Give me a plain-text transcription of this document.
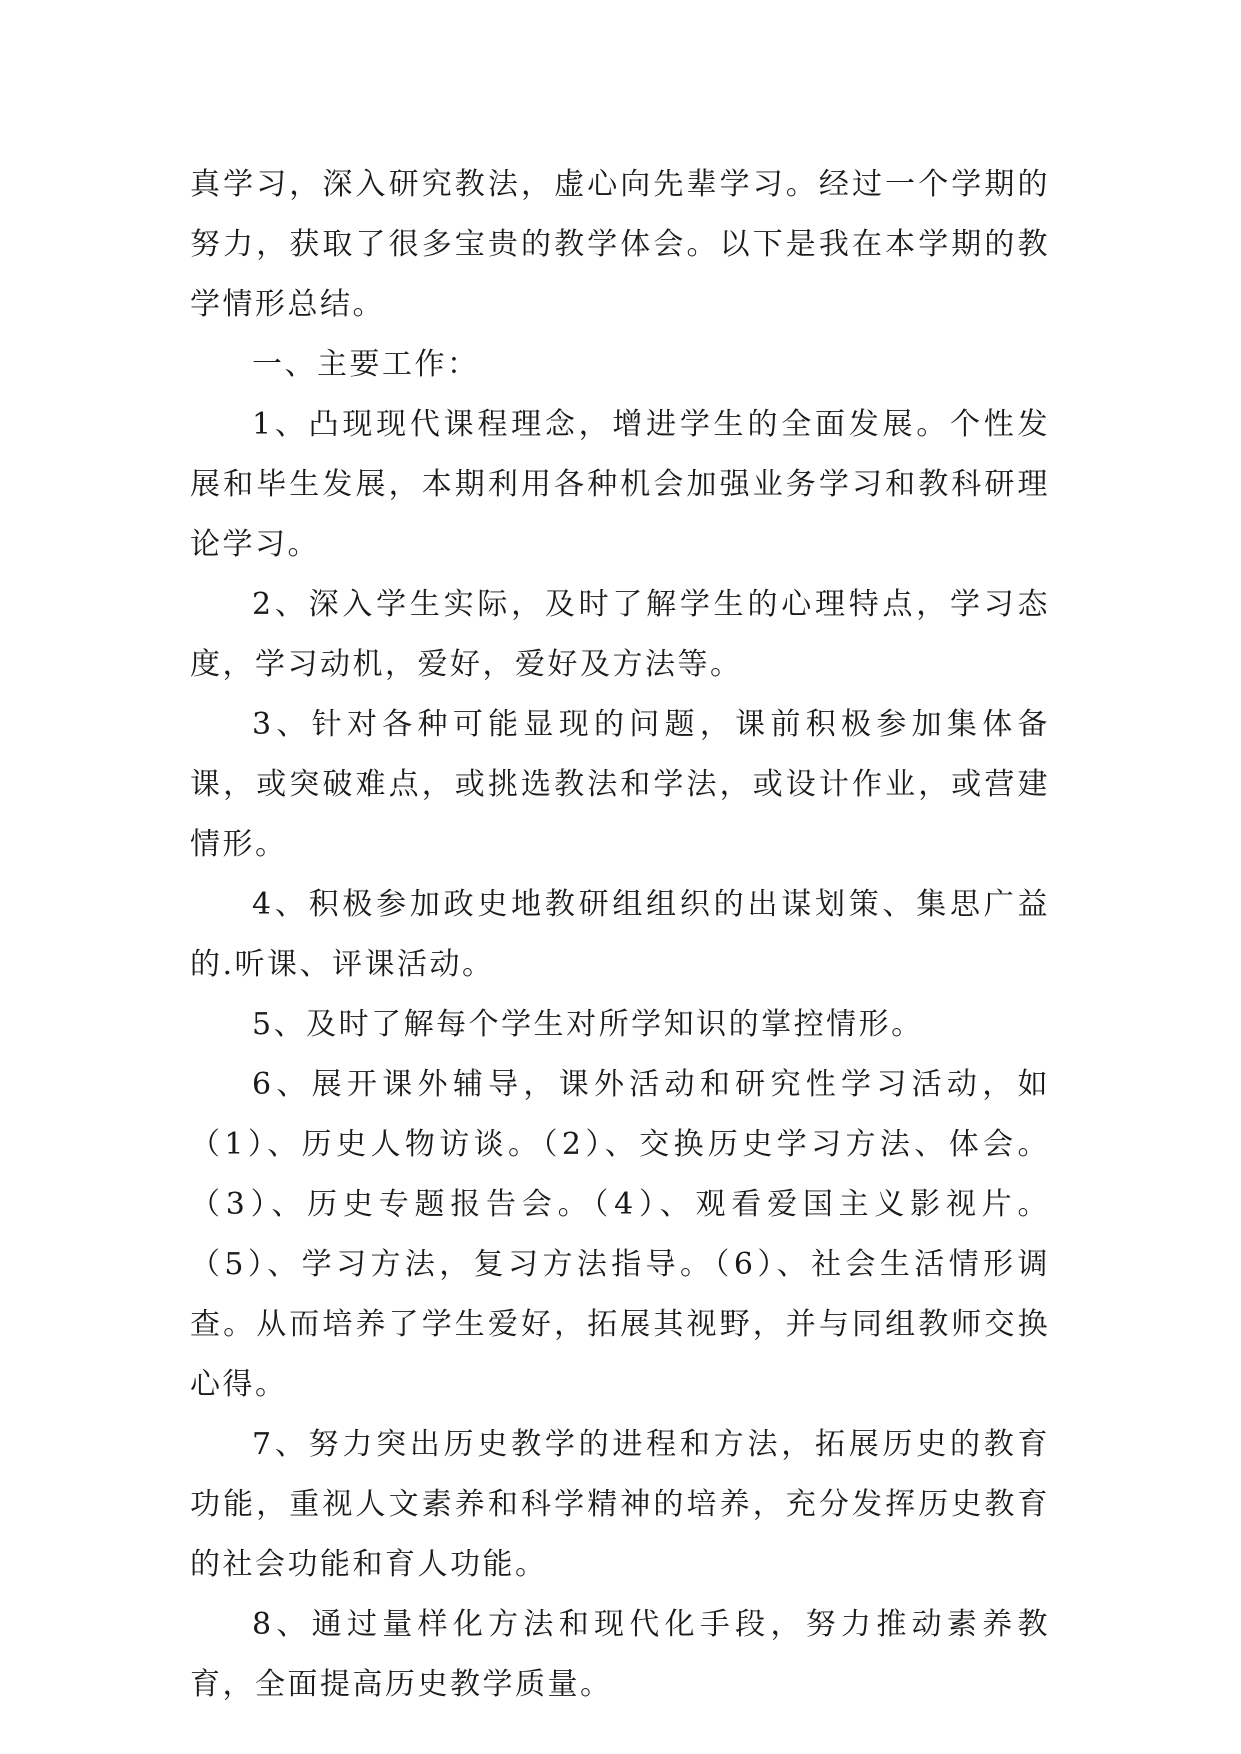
真学习，深入研究教法，虚心向先辈学习。经过一个学期的努力，获取了很多宝贵的教学体会。以下是我在本学期的教学情形总结。

一、主要工作：

1、凸现现代课程理念，增进学生的全面发展。个性发展和毕生发展，本期利用各种机会加强业务学习和教科研理论学习。

2、深入学生实际，及时了解学生的心理特点，学习态度，学习动机，爱好，爱好及方法等。

3、针对各种可能显现的问题，课前积极参加集体备课，或突破难点，或挑选教法和学法，或设计作业，或营建情形。

4、积极参加政史地教研组组织的出谋划策、集思广益的.听课、评课活动。

5、及时了解每个学生对所学知识的掌控情形。

6、展开课外辅导，课外活动和研究性学习活动，如（1）、历史人物访谈。（2）、交换历史学习方法、体会。（3）、历史专题报告会。（4）、观看爱国主义影视片。（5）、学习方法，复习方法指导。（6）、社会生活情形调查。从而培养了学生爱好，拓展其视野，并与同组教师交换心得。

7、努力突出历史教学的进程和方法，拓展历史的教育功能，重视人文素养和科学精神的培养，充分发挥历史教育的社会功能和育人功能。

8、通过量样化方法和现代化手段，努力推动素养教育，全面提高历史教学质量。
